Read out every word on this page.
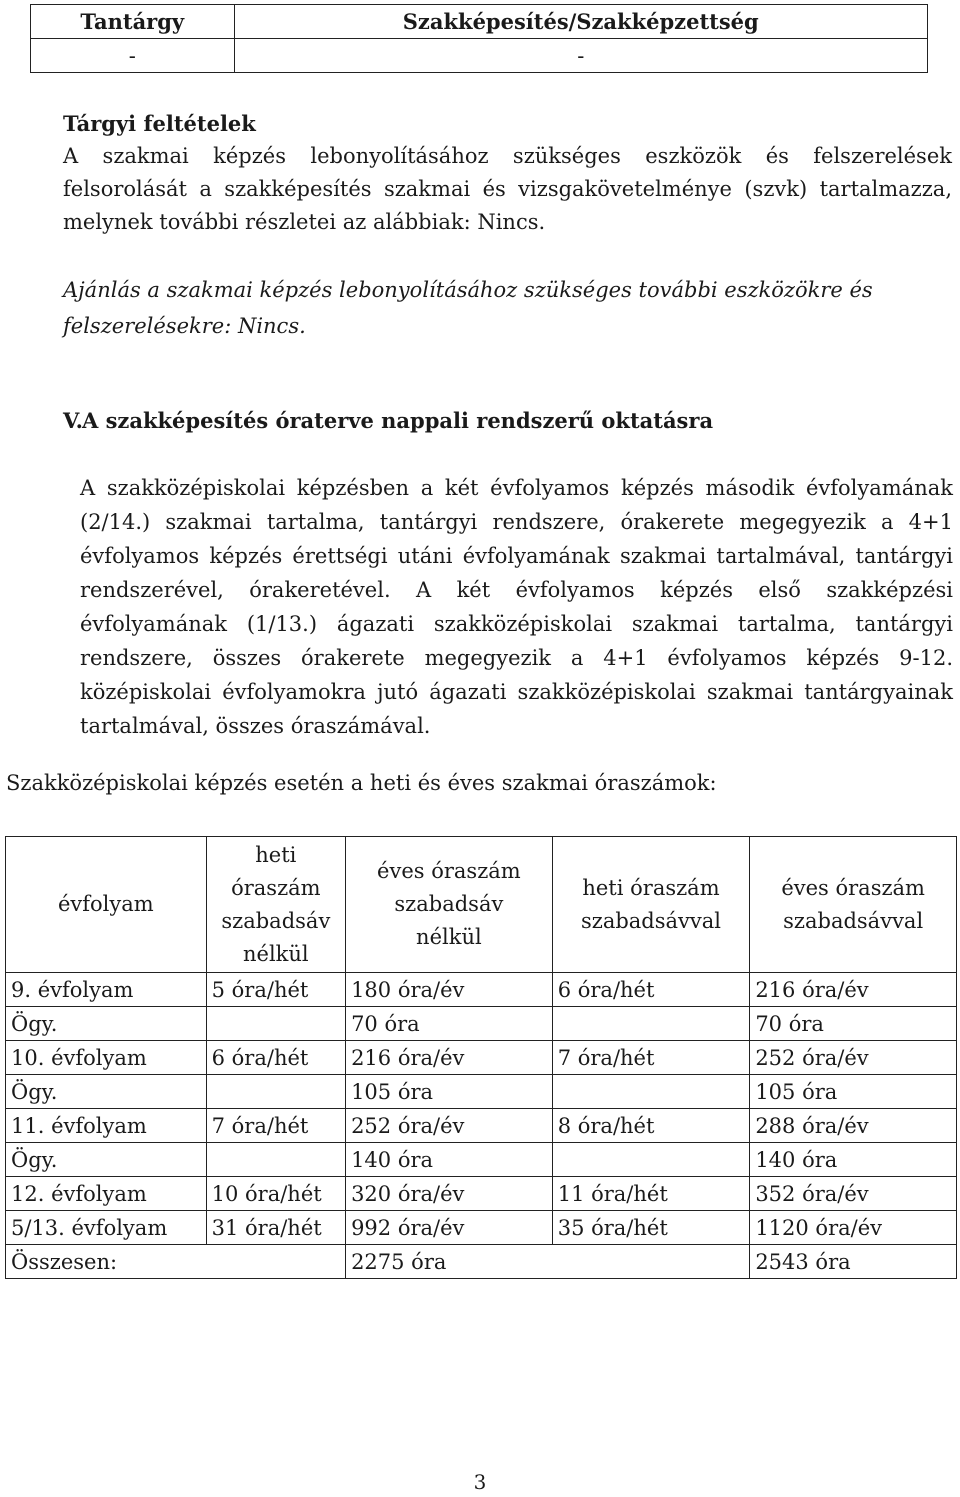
Tantárgy	Szakképesítés/Szakképzettség
-	-
Tárgyi feltételek
A szakmai képzés lebonyolításához szükséges eszközök és felszerelések felsorolását a szakképesítés szakmai és vizsgakövetelménye (szvk) tartalmazza, melynek további részletei az alábbiak: Nincs.
Ajánlás a szakmai képzés lebonyolításához szükséges további eszközökre és felszerelésekre: Nincs.
V. A szakképesítés óraterve nappali rendszerű oktatásra
A szakközépiskolai képzésben a két évfolyamos képzés második évfolyamának (2/14.) szakmai tartalma, tantárgyi rendszere, órakerete megegyezik a 4+1 évfolyamos képzés érettségi utáni évfolyamának szakmai tartalmával, tantárgyi rendszerével, órakeretével. A két évfolyamos képzés első szakképzési évfolyamának (1/13.) ágazati szakközépiskolai szakmai tartalma, tantárgyi rendszere, összes órakerete megegyezik a 4+1 évfolyamos képzés 9-12. középiskolai évfolyamokra jutó ágazati szakközépiskolai szakmai tantárgyainak tartalmával, összes óraszámával.
Szakközépiskolai képzés esetén a heti és éves szakmai óraszámok:
évfolyam	heti óraszám szabadsáv nélkül	éves óraszám szabadsáv nélkül	heti óraszám szabadsávval	éves óraszám szabadsávval

9. évfolyam	5 óra/hét	180 óra/év	6 óra/hét	216 óra/év
Ögy.		70 óra		70 óra
10. évfolyam	6 óra/hét	216 óra/év	7 óra/hét	252 óra/év
Ögy.		105 óra		105 óra
11. évfolyam	7 óra/hét	252 óra/év	8 óra/hét	288 óra/év
Ögy.		140 óra		140 óra
12. évfolyam	10 óra/hét	320 óra/év	11 óra/hét	352 óra/év
5/13. évfolyam	31 óra/hét	992 óra/év	35 óra/hét	1120 óra/év
Összesen:		2275 óra		2543 óra
3
